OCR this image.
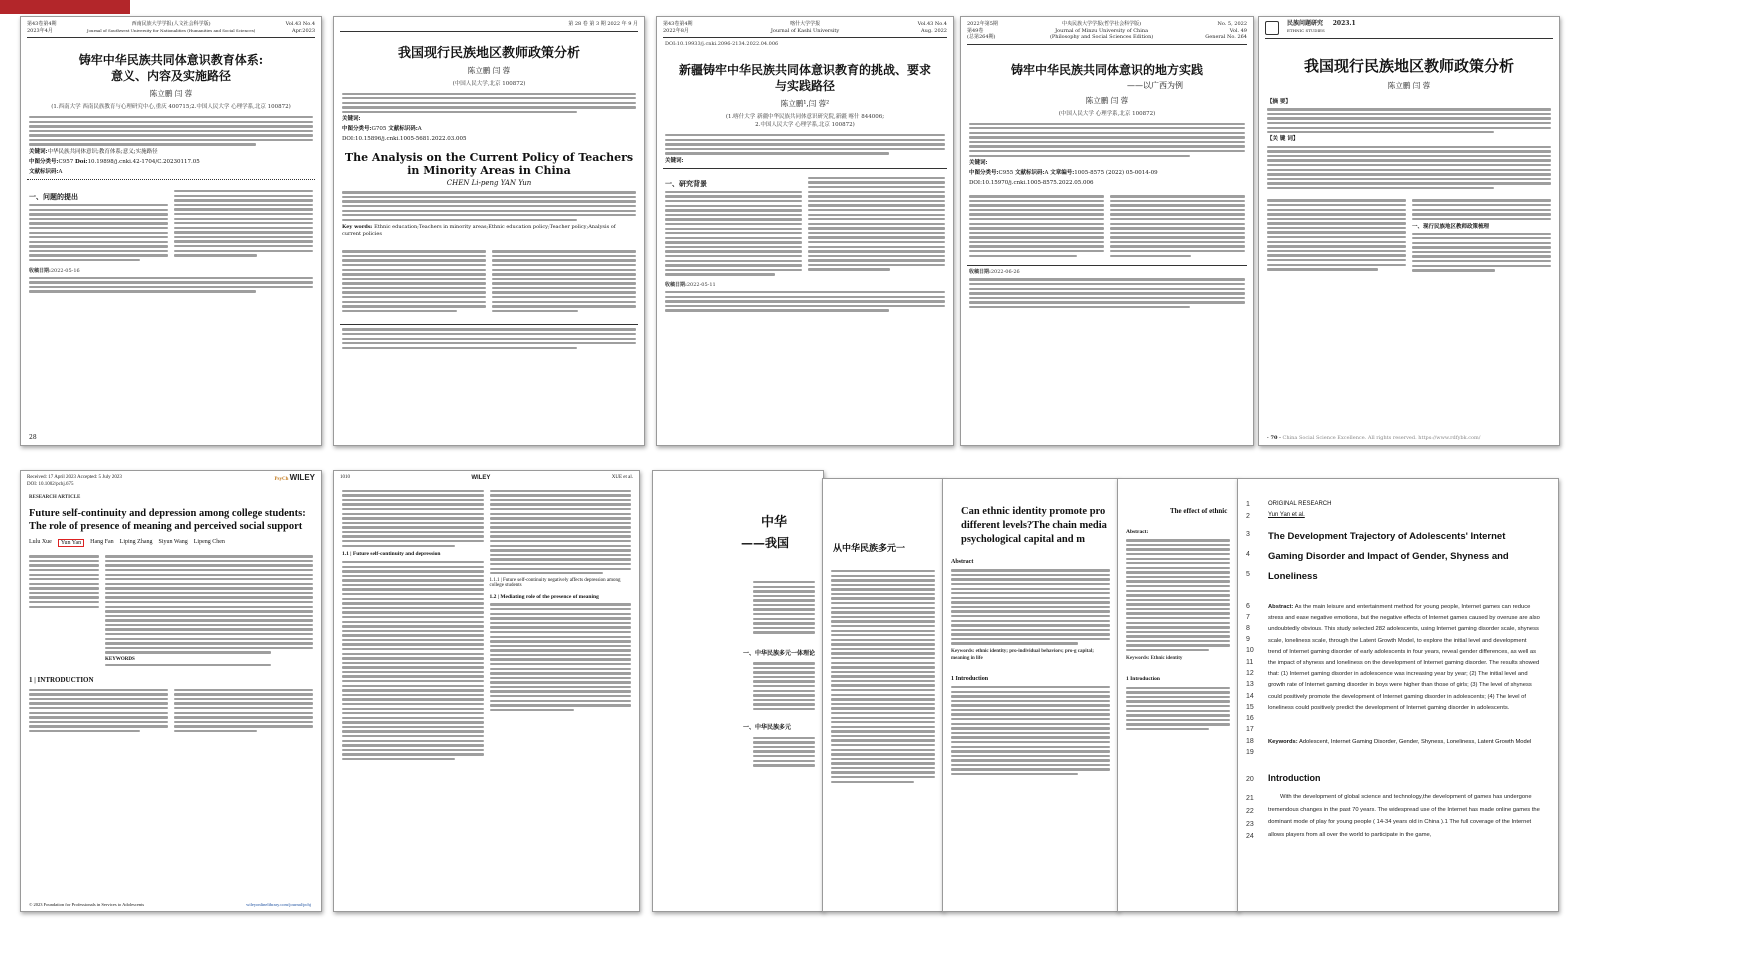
第43卷第4期
2023年4月
西南民族大学学报(人文社会科学版)
Journal of Southwest University for Nationalities (Humanities and Social Sciences)
Vol.43 No.4
Apr.2023
铸牢中华民族共同体意识教育体系:
意义、内容及实施路径
陈立鹏 闫 蓉
(1.西南大学 西南民族教育与心理研究中心,重庆 400715;2.中国人民大学 心理学系,北京 100872)
关键词:中华民族共同体意识;教育体系;意义;实施路径
中图分类号:C957 Doi:10.19898/j.cnki.42-1704/C.20230117.05
文献标识码:A
一、问题的提出
收稿日期:2022-05-16
28
第 28 卷 第 3 期 2022 年 9 月
我国现行民族地区教师政策分析
陈立鹏 闫 蓉
(中国人民大学,北京 100872)
关键词:
中图分类号:G705 文献标识码:A
DOI:10.15896/j.cnki.1005-5681.2022.03.005
The Analysis on the Current Policy of Teachers in Minority Areas in China
CHEN Li-peng YAN Yun
Key words: Ethnic education;Teachers in minority areas;Ethnic education policy;Teacher policy;Analysis of current policies
第43卷第4期
2022年8月
喀什大学学报
Journal of Kashi University
Vol.43 No.4
Aug. 2022
DOI:10.19933/j.cnki.2096-2134.2022.04.006
新疆铸牢中华民族共同体意识教育的挑战、要求
与实践路径
陈立鹏¹,闫 蓉²
(1.喀什大学 新疆中华民族共同体意识研究院,新疆 喀什 844006;
2.中国人民大学 心理学系,北京 100872)
关键词:
一、研究背景
收稿日期:2022-05-11
2022年第5期
第49卷
(总第264期)
中央民族大学学报(哲学社会科学版)
Journal of Minzu University of China
(Philosophy and Social Sciences Edition)
No. 5, 2022
Vol. 49
General No. 264
铸牢中华民族共同体意识的地方实践
——以广西为例
陈立鹏 闫 蓉
(中国人民大学 心理学系,北京 100872)
关键词:
中图分类号:C955 文献标识码:A 文章编号:1005-8575 (2022) 05-0014-09
DOI:10.15970/j.cnki.1005-8575.2022.05.006
收稿日期:2022-06-26
民族问题研究
ETHNIC STUDIES
2023.1
我国现行民族地区教师政策分析
陈立鹏 闫 蓉
【摘 要】
【关 键 词】
一、现行民族地区教师政策梳理
· 70 · China Social Science Excellence. All rights reserved. https://www.rdfybk.com/
Received: 17 April 2023 Accepted: 5 July 2023
DOI: 10.1002/pchj.675
PsyCh WILEY
RESEARCH ARTICLE
Future self-continuity and depression among college students: The role of presence of meaning and perceived social support
Lulu Xue	Yun Yan	Hang Fan Liping Zhang Siyun Wang Lipeng Chen
KEYWORDS
1 | INTRODUCTION
© 2023 Foundation for Professionals in Services to Adolescents	wileyonlinelibrary.com/journal/pchj
1010	WILEY	XUE et al.
1.1 | Future self-continuity and depression
1.1.1 | Future self-continuity negatively affects depression among college students
1.2 | Mediating role of the presence of meaning
中华
——我国
一、中华民族多元一体理论
一、中华民族多元
从中华民族多元一
Can ethnic identity promote pro different levels?The chain media psychological capital and m
Abstract
Keywords: ethnic identity; pro-individual behaviors; pro-g capital; meaning in life
1 Introduction
The effect of ethnic
Abstract:
Keywords: Ethnic identity
1 Introduction
1
2
3
4
5
6
7
8
9
10
11
12
13
14
15
16
17
18
19
20
21
22
23
24
ORIGINAL RESEARCH
Yun Yan et al.
The Development Trajectory of Adolescents' Internet Gaming Disorder and Impact of Gender, Shyness and Loneliness
Abstract: As the main leisure and entertainment method for young people, Internet games can reduce stress and ease negative emotions, but the negative effects of Internet games caused by overuse are also undoubtedly obvious. This study selected 282 adolescents, using Internet gaming disorder scale, shyness scale, loneliness scale, through the Latent Growth Model, to explore the initial level and development trend of Internet gaming disorder of early adolescents in four years, reveal gender differences, as well as the impact of shyness and loneliness on the development of Internet gaming disorder. The results showed that: (1) Internet gaming disorder in adolescence was increasing year by year; (2) The initial level and growth rate of Internet gaming disorder in boys were higher than those of girls; (3) The level of shyness could positively promote the development of Internet gaming disorder in adolescents; (4) The level of loneliness could positively predict the development of Internet gaming disorder in adolescents.
Keywords: Adolescent, Internet Gaming Disorder, Gender, Shyness, Loneliness, Latent Growth Model
Introduction
With the development of global science and technology,the development of games has undergone tremendous changes in the past 70 years. The widespread use of the Internet has made online games the dominant mode of play for young people ( 14-34 years old in China ).1 The full coverage of the Internet allows players from all over the world to participate in the game,
